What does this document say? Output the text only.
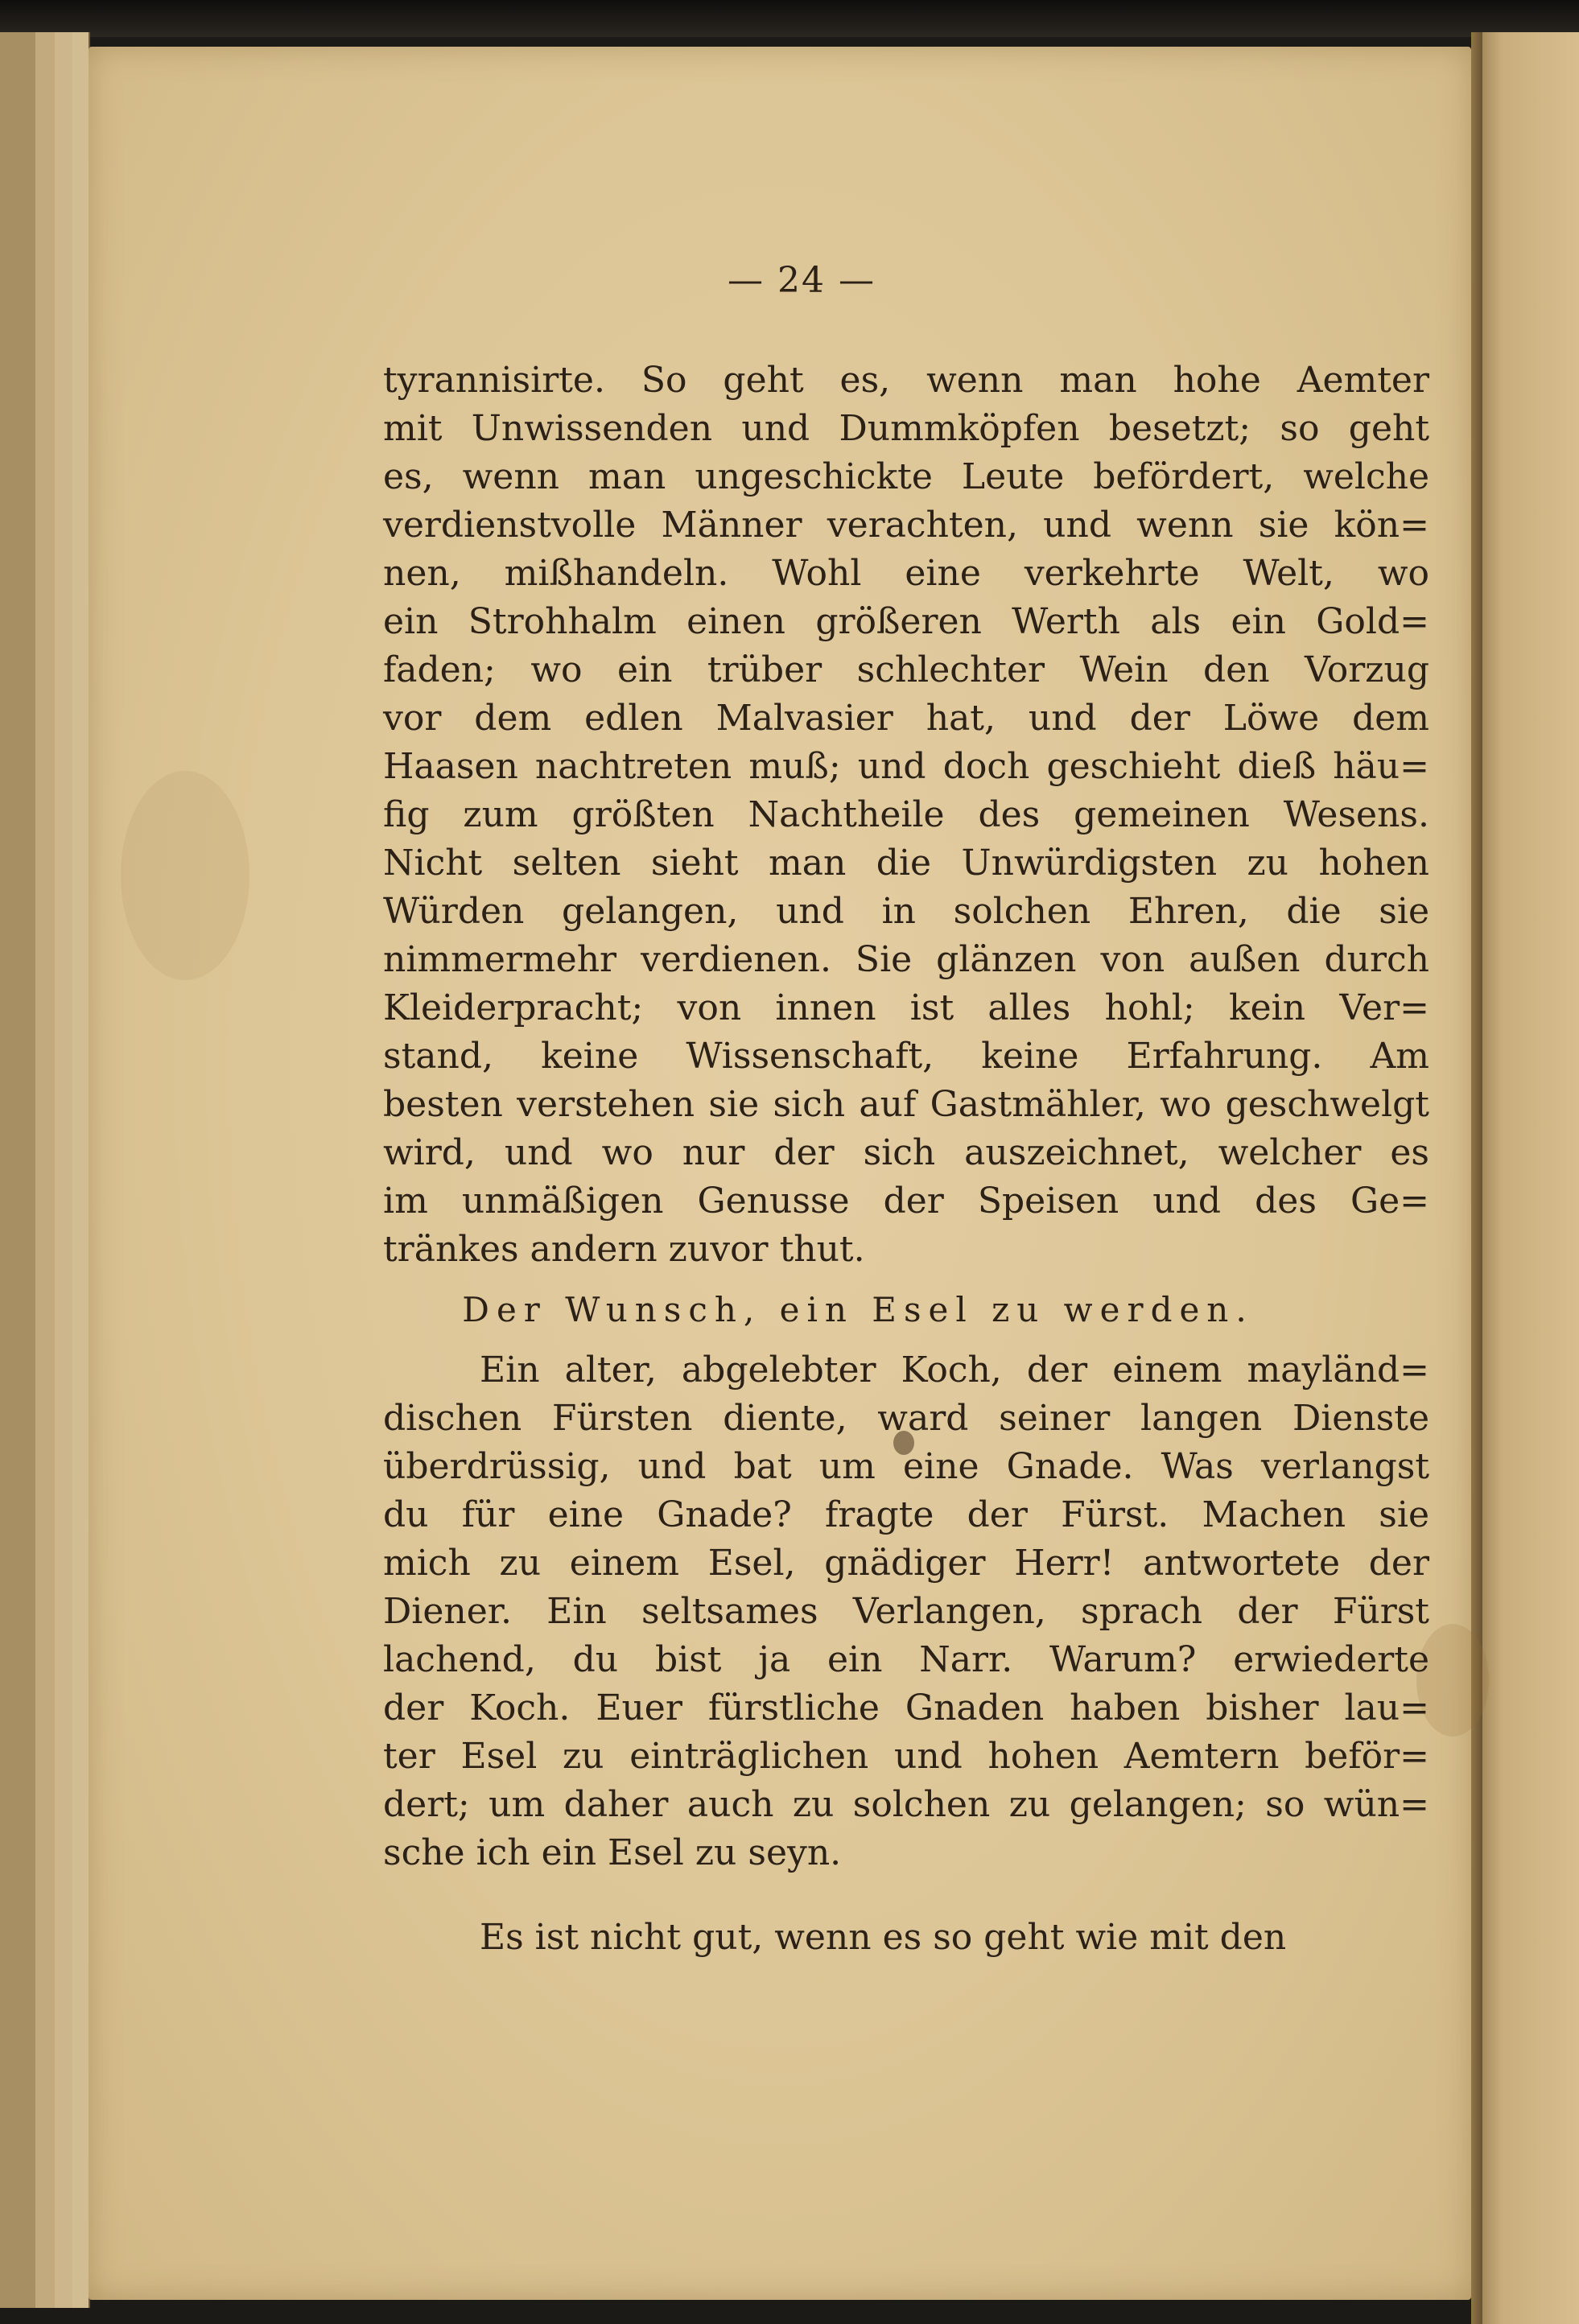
— 24 —
tyrannisirte. So geht es, wenn man hohe Aemter
mit Unwissenden und Dummköpfen besetzt; so geht
es, wenn man ungeschickte Leute befördert, welche
verdienstvolle Männer verachten, und wenn sie kön=
nen, mißhandeln. Wohl eine verkehrte Welt, wo
ein Strohhalm einen größeren Werth als ein Gold=
faden; wo ein trüber schlechter Wein den Vorzug
vor dem edlen Malvasier hat, und der Löwe dem
Haasen nachtreten muß; und doch geschieht dieß häu=
fig zum größten Nachtheile des gemeinen Wesens.
Nicht selten sieht man die Unwürdigsten zu hohen
Würden gelangen, und in solchen Ehren, die sie
nimmermehr verdienen. Sie glänzen von außen durch
Kleiderpracht; von innen ist alles hohl; kein Ver=
stand, keine Wissenschaft, keine Erfahrung. Am
besten verstehen sie sich auf Gastmähler, wo geschwelgt
wird, und wo nur der sich auszeichnet, welcher es
im unmäßigen Genusse der Speisen und des Ge=
tränkes andern zuvor thut.
Der Wunsch, ein Esel zu werden.
Ein alter, abgelebter Koch, der einem mayländ=
dischen Fürsten diente, ward seiner langen Dienste
überdrüssig, und bat um eine Gnade. Was verlangst
du für eine Gnade? fragte der Fürst. Machen sie
mich zu einem Esel, gnädiger Herr! antwortete der
Diener. Ein seltsames Verlangen, sprach der Fürst
lachend, du bist ja ein Narr. Warum? erwiederte
der Koch. Euer fürstliche Gnaden haben bisher lau=
ter Esel zu einträglichen und hohen Aemtern beför=
dert; um daher auch zu solchen zu gelangen; so wün=
sche ich ein Esel zu seyn.
Es ist nicht gut, wenn es so geht wie mit den
